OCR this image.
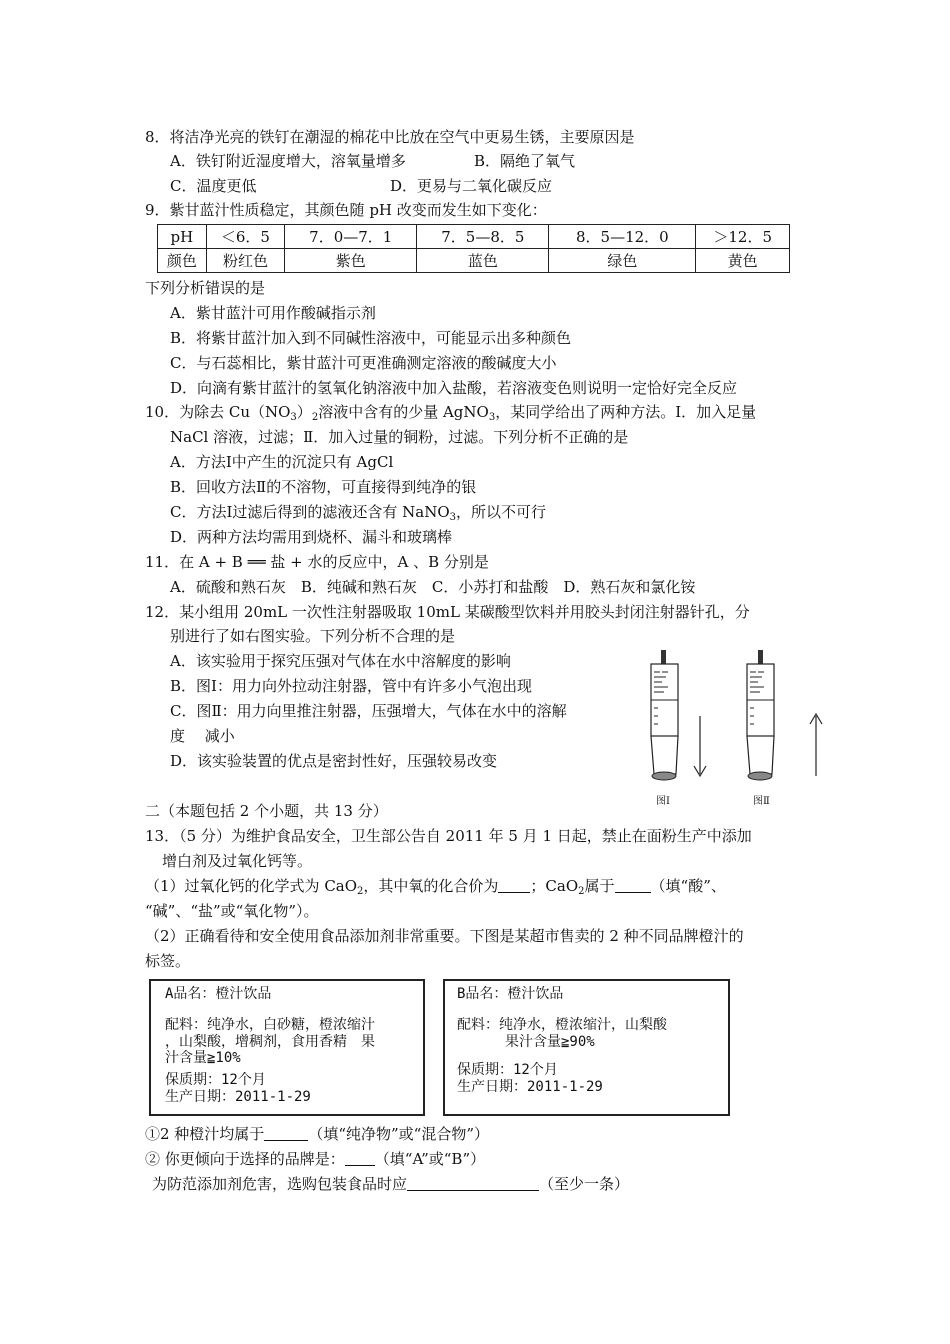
8．将洁净光亮的铁钉在潮湿的棉花中比放在空气中更易生锈，主要原因是
A．铁钉附近湿度增大，溶氧量增多	B．隔绝了氧气
C．温度更低	D．更易与二氧化碳反应
9．紫甘蓝汁性质稳定，其颜色随 pH 改变而发生如下变化：
pH	＜6．5	7．0—7．1	7．5—8．5	8．5—12．0	＞12．5
颜色	粉红色	紫色	蓝色	绿色	黄色
下列分析错误的是
A．紫甘蓝汁可用作酸碱指示剂
B．将紫甘蓝汁加入到不同碱性溶液中，可能显示出多种颜色
C．与石蕊相比，紫甘蓝汁可更准确测定溶液的酸碱度大小
D．向滴有紫甘蓝汁的氢氧化钠溶液中加入盐酸，若溶液变色则说明一定恰好完全反应
10．为除去 $Cu(NO_3)_2$溶液中含有的少量 AgNO$_3$，某同学给出了两种方法。Ⅰ．加入足量
NaCl 溶液，过滤；Ⅱ．加入过量的铜粉，过滤。下列分析不正确的是
A．方法Ⅰ中产生的沉淀只有 AgCl
B．回收方法Ⅱ的不溶物，可直接得到纯净的银
C．方法Ⅰ过滤后得到的滤液还含有 NaNO$_3$，所以不可行
D．两种方法均需用到烧杯、漏斗和玻璃棒
11．在 A + B ══ 盐 + 水的反应中，A 、B 分别是
A．硫酸和熟石灰　B．纯碱和熟石灰　C．小苏打和盐酸　D．熟石灰和氯化铵
12．某小组用 20mL 一次性注射器吸取 10mL 某碳酸型饮料并用胶头封闭注射器针孔，分
别进行了如右图实验。下列分析不合理的是
A．该实验用于探究压强对气体在水中溶解度的影响
B．图Ⅰ：用力向外拉动注射器，管中有许多小气泡出现
C．图Ⅱ：用力向里推注射器，压强增大，气体在水中的溶解
度　 减小
D．该实验装置的优点是密封性好，压强较易改变
图Ⅰ	图Ⅱ
二（本题包括 2 个小题，共 13 分）
13．（5 分）为维护食品安全，卫生部公告自 2011 年 5 月 1 日起，禁止在面粉生产中添加
增白剂及过氧化钙等。
（1）过氧化钙的化学式为 CaO$_2$，其中氧的化合价为 ；CaO$_2$属于 （填“酸”、
“碱”、“盐”或“氧化物”）。
（2）正确看待和安全使用食品添加剂非常重要。下图是某超市售卖的 2 种不同品牌橙汁的
标签。
A品名：橙汁饮品
配料：纯净水，白砂糖，橙浓缩汁
，山梨酸，增稠剂，食用香精　果
汁含量≧10%
保质期：12个月
生产日期：2011-1-29
B品名：橙汁饮品
配料：纯净水，橙浓缩汁，山梨酸
果汁含量≧90%
保质期：12个月
生产日期：2011-1-29
①2 种橙汁均属于	（填“纯净物”或“混合物”）
② 你更倾向于选择的品牌是： （填“A”或“B”）
为防范添加剂危害，选购包装食品时应	（至少一条）
